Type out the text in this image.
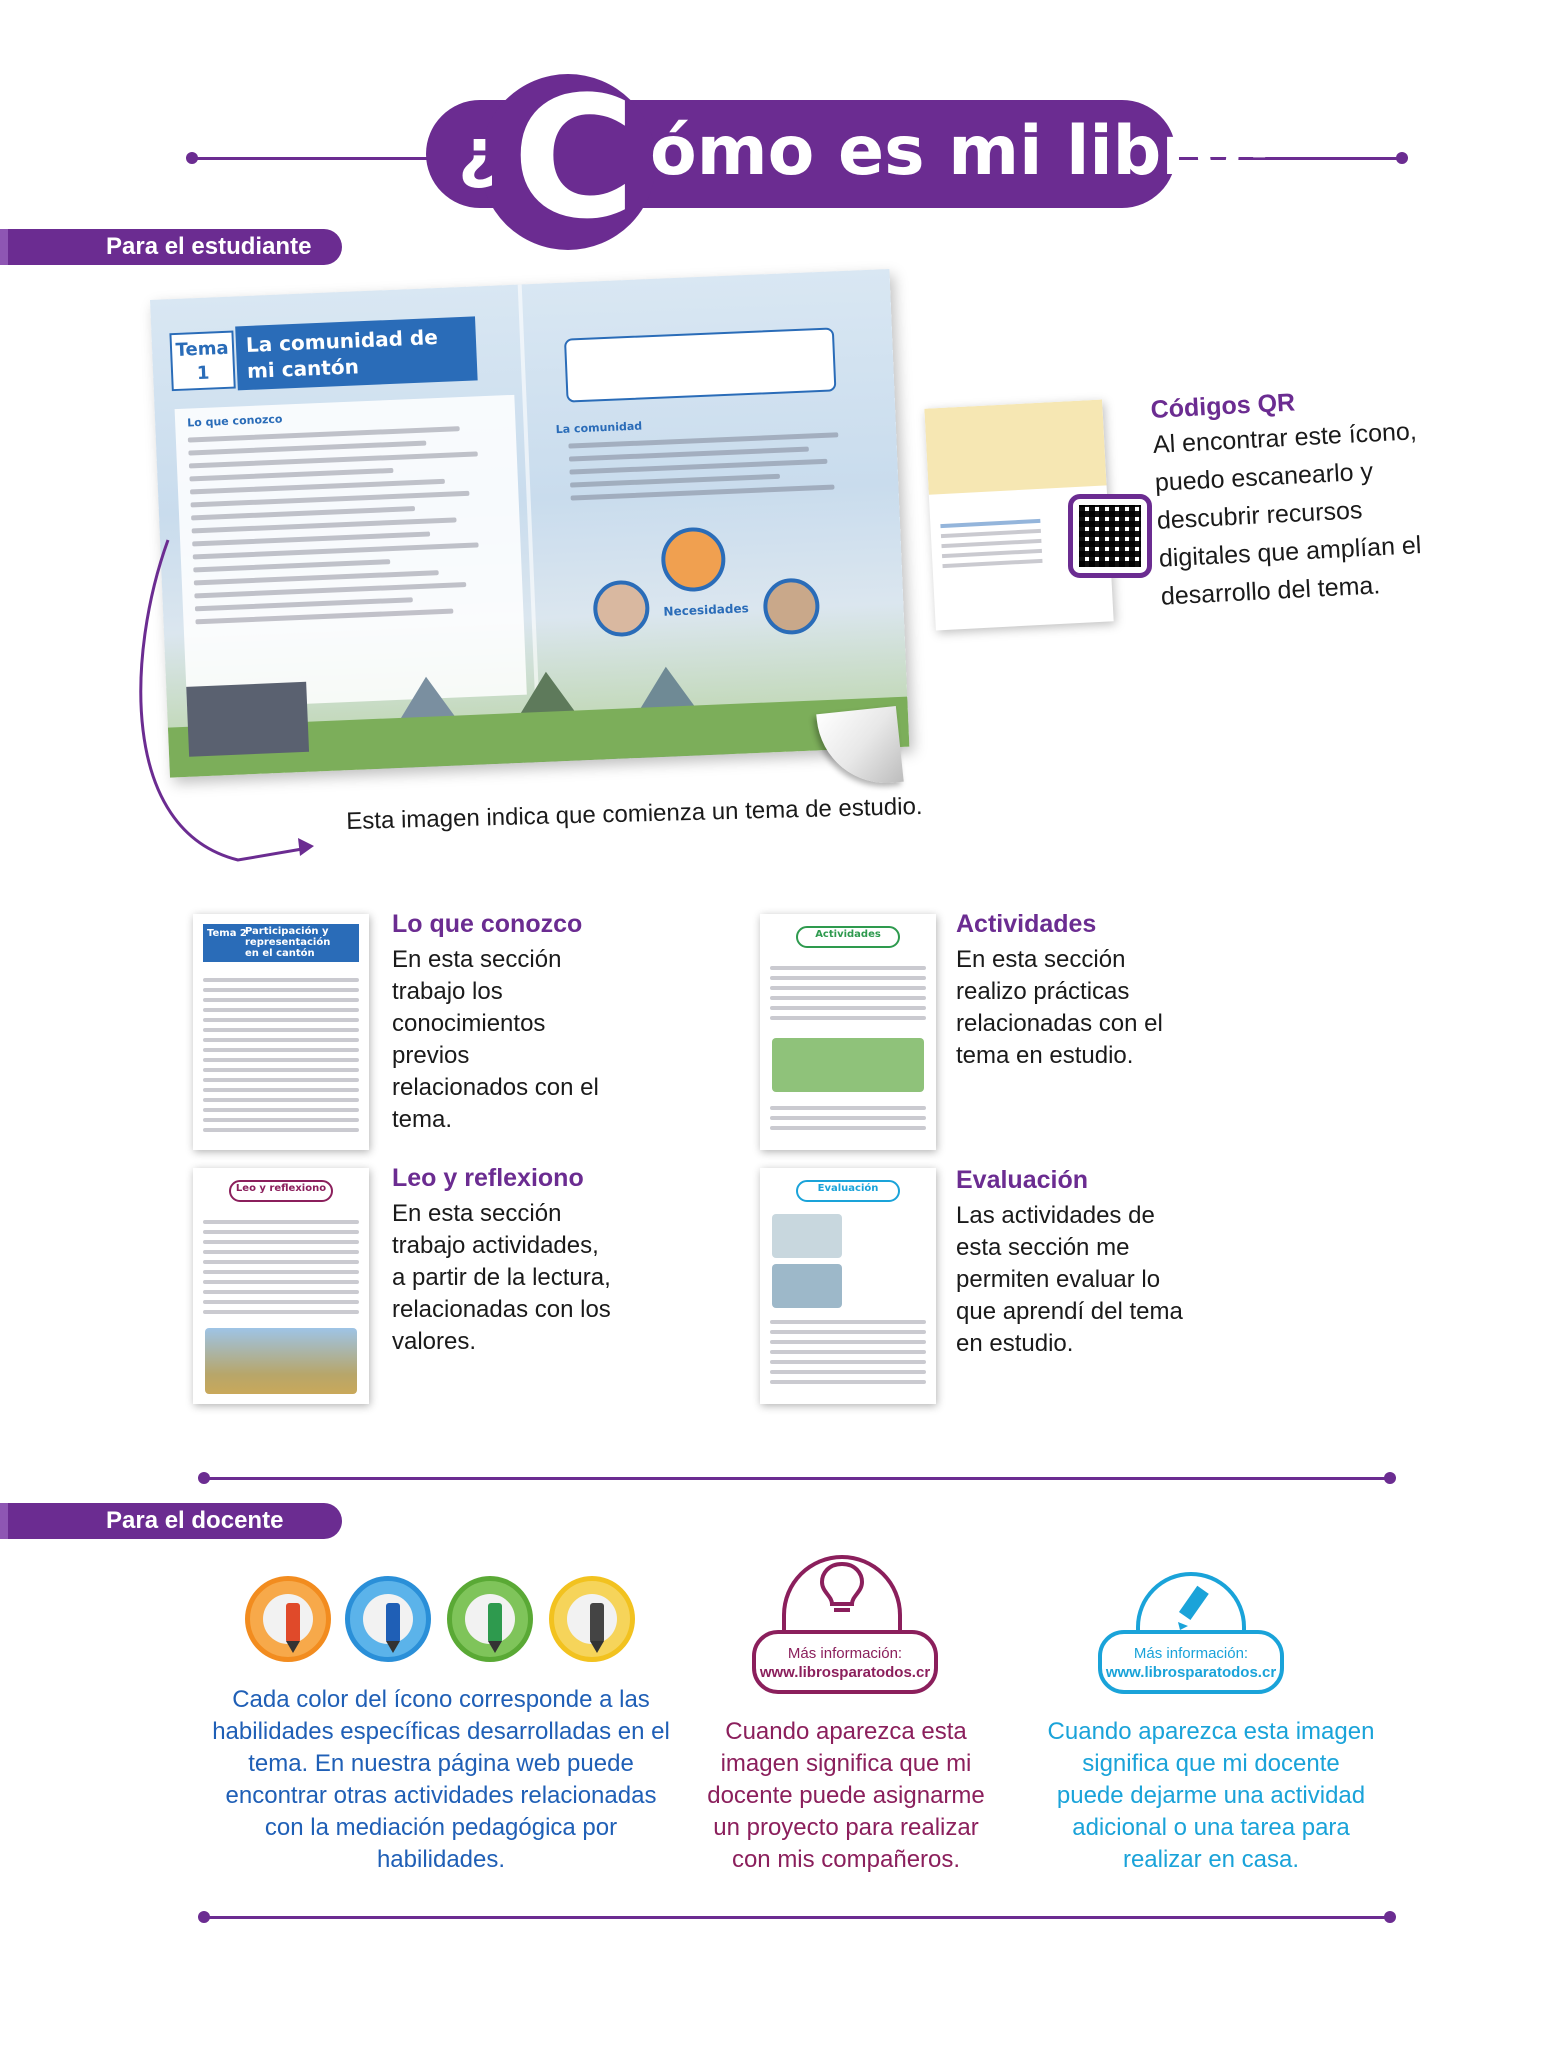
¿ C ómo es mi libro?
Para el estudiante
Tema
1
La comunidad de mi cantón
Lo que conozco	La comunidad
Necesidades
Esta imagen indica que comienza un tema de estudio.
Códigos QR
Al encontrar este ícono, puedo escanearlo y descubrir recursos digitales que amplían el desarrollo del tema.
Tema 2
Participación y representación en el cantón
Lo que conozco
En esta sección trabajo los conocimientos previos relacionados con el tema.
Actividades	Actividades
En esta sección realizo prácticas relacionadas con el tema en estudio.
Leo y reflexiono	Leo y reflexiono
En esta sección trabajo actividades, a partir de la lectura, relacionadas con los valores.
Evaluación	Evaluación
Las actividades de esta sección me permiten evaluar lo que aprendí del tema en estudio.
Para el docente
Cada color del ícono corresponde a las habilidades específicas desarrolladas en el tema. En nuestra página web puede encontrar otras actividades relacionadas con la mediación pedagógica por habilidades.
Más información:
www.librosparatodos.cr
Cuando aparezca esta imagen significa que mi docente puede asignarme un proyecto para realizar con mis compañeros.
Más información:
www.librosparatodos.cr
Cuando aparezca esta imagen significa que mi docente puede dejarme una actividad adicional o una tarea para realizar en casa.
